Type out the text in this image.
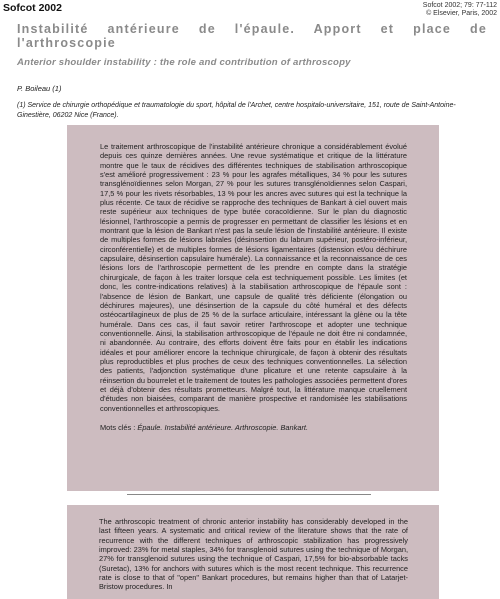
Sofcot 2002	Sofcot 2002; 79: 77-112
© Elsevier, Paris, 2002
Instabilité antérieure de l'épaule. Apport et place de l'arthroscopie
Anterior shoulder instability : the role and contribution of arthroscopy
P. Boileau (1)
(1) Service de chirurgie orthopédique et traumatologie du sport, hôpital de l'Archet, centre hospitalo-universitaire, 151, route de Saint-Antoine-Ginestière, 06202 Nice (France).

Le traitement arthroscopique de l'instabilité antérieure chronique a considérablement évolué depuis ces quinze dernières années. Une revue systématique et critique de la littérature montre que le taux de récidives des différentes techniques de stabilisation arthroscopique s'est amélioré progressivement : 23 % pour les agrafes métalliques, 34 % pour les sutures transglénoïdiennes selon Morgan, 27 % pour les sutures transglénoïdiennes selon Caspari, 17,5 % pour les rivets résorbables, 13 % pour les ancres avec sutures qui est la technique la plus récente. Ce taux de récidive se rapproche des techniques de Bankart à ciel ouvert mais reste supérieur aux techniques de type butée coracoïdienne. Sur le plan du diagnostic lésionnel, l'arthroscopie a permis de progresser en permettant de classifier les lésions et en montrant que la lésion de Bankart n'est pas la seule lésion de l'instabilité antérieure. Il existe de multiples formes de lésions labrales (désinsertion du labrum supérieur, postéro-inférieur, circonférentielle) et de multiples formes de lésions ligamentaires (distension et/ou déchirure capsulaire, désinsertion capsulaire humérale). La connaissance et la reconnaissance de ces lésions lors de l'arthroscopie permettent de les prendre en compte dans la stratégie chirurgicale, de façon à les traiter lorsque cela est techniquement possible. Les limites (et donc, les contre-indications relatives) à la stabilisation arthroscopique de l'épaule sont : l'absence de lésion de Bankart, une capsule de qualité très déficiente (élongation ou déchirures majeures), une désinsertion de la capsule du côté huméral et des défects ostéocartilagineux de plus de 25 % de la surface articulaire, intéressant la glène ou la tête humérale. Dans ces cas, il faut savoir retirer l'arthroscope et adopter une technique conventionnelle. Ainsi, la stabilisation arthroscopique de l'épaule ne doit être ni condamnée, ni abandonnée. Au contraire, des efforts doivent être faits pour en établir les indications idéales et pour améliorer encore la technique chirurgicale, de façon à obtenir des résultats plus reproductibles et plus proches de ceux des techniques conventionnelles. La sélection des patients, l'adjonction systématique d'une plicature et une retente capsulaire à la réinsertion du bourrelet et le traitement de toutes les pathologies associées permettent d'ores et déjà d'obtenir des résultats prometteurs. Malgré tout, la littérature manque cruellement d'études non biaisées, comparant de manière prospective et randomisée les stabilisations conventionnelles et arthroscopiques.

Mots clés : Épaule. Instabilité antérieure. Arthroscopie. Bankart.

The arthroscopic treatment of chronic anterior instability has considerably developed in the last fifteen years. A systematic and critical review of the literature shows that the rate of recurrence with the different techniques of arthroscopic stabilization has progressively improved: 23% for metal staples, 34% for transglenoid sutures using the technique of Morgan, 27% for transglenoid sutures using the technique of Caspari, 17,5% for bio-absorbable tacks (Suretac), 13% for anchors with sutures which is the most recent technique. This recurrence rate is close to that of "open" Bankart procedures, but remains higher than that of Latarjet-Bristow procedures. In
